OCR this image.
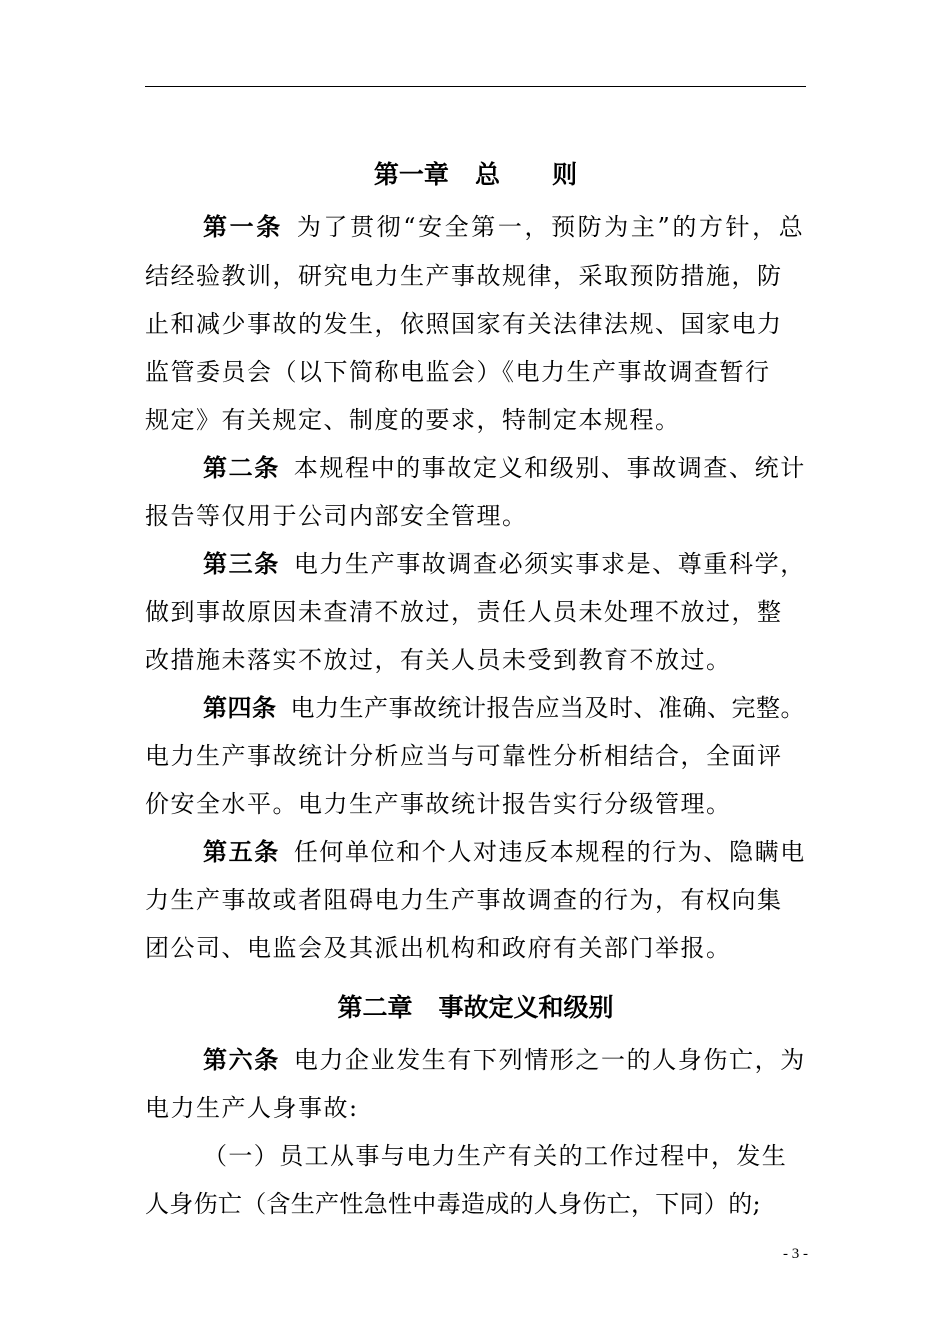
第一章   总      则
第一条 为了贯彻“安全第一，预防为主”的方针，总
结经验教训，研究电力生产事故规律，采取预防措施，防
止和减少事故的发生，依照国家有关法律法规、国家电力
监管委员会（以下简称电监会）《电力生产事故调查暂行
规定》有关规定、制度的要求，特制定本规程。
第二条 本规程中的事故定义和级别、事故调查、统计
报告等仅用于公司内部安全管理。
第三条 电力生产事故调查必须实事求是、尊重科学，
做到事故原因未查清不放过，责任人员未处理不放过，整
改措施未落实不放过，有关人员未受到教育不放过。
第四条 电力生产事故统计报告应当及时、准确、完整。
电力生产事故统计分析应当与可靠性分析相结合，全面评
价安全水平。电力生产事故统计报告实行分级管理。
第五条 任何单位和个人对违反本规程的行为、隐瞒电
力生产事故或者阻碍电力生产事故调查的行为，有权向集
团公司、电监会及其派出机构和政府有关部门举报。
第二章   事故定义和级别
第六条 电力企业发生有下列情形之一的人身伤亡，为
电力生产人身事故:
（一）员工从事与电力生产有关的工作过程中，发生
人身伤亡（含生产性急性中毒造成的人身伤亡，下同）的;
- 3 -
